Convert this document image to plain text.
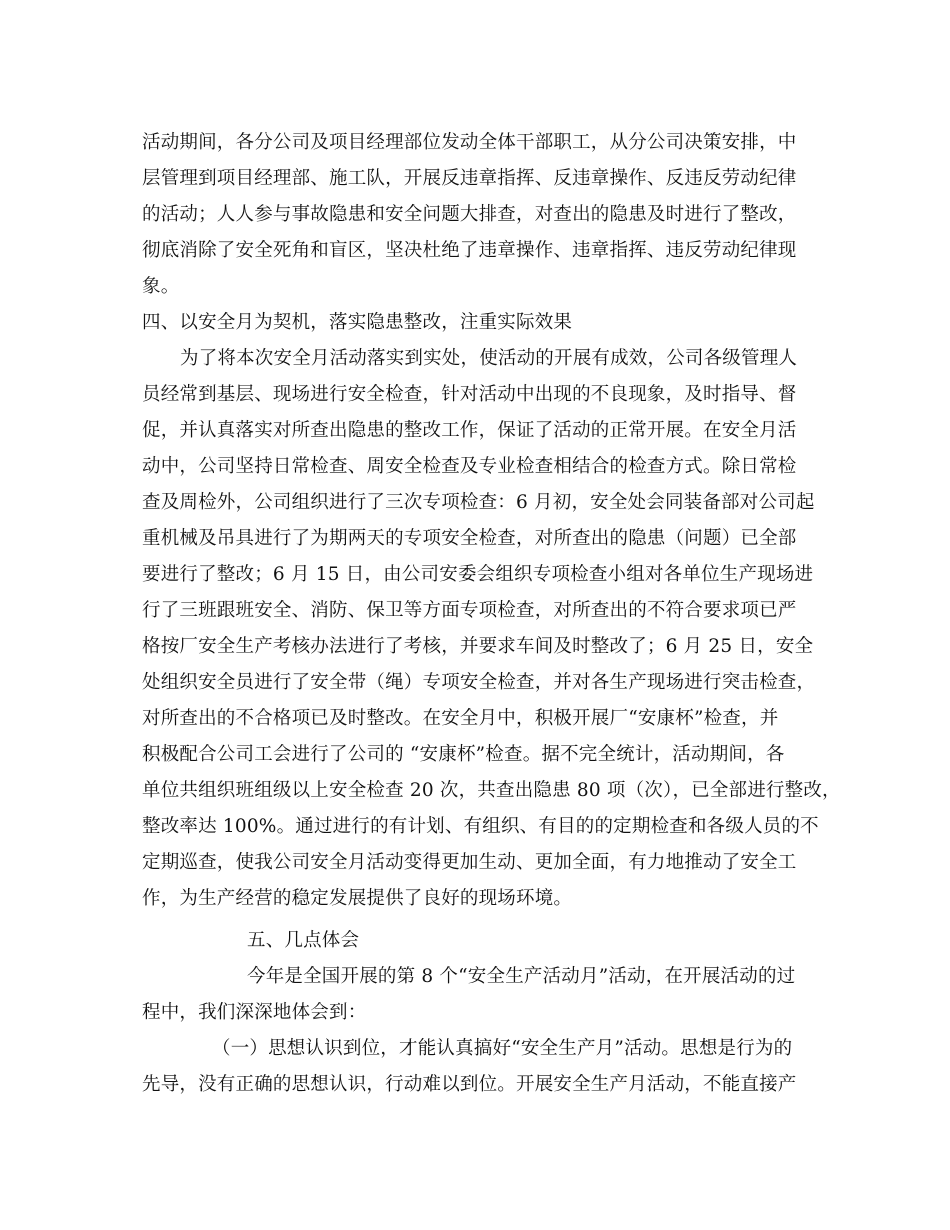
活动期间，各分公司及项目经理部位发动全体干部职工，从分公司决策安排，中
层管理到项目经理部、施工队，开展反违章指挥、反违章操作、反违反劳动纪律
的活动；人人参与事故隐患和安全问题大排查，对查出的隐患及时进行了整改，
彻底消除了安全死角和盲区，坚决杜绝了违章操作、违章指挥、违反劳动纪律现
象。
四、以安全月为契机，落实隐患整改，注重实际效果
为了将本次安全月活动落实到实处，使活动的开展有成效，公司各级管理人
员经常到基层、现场进行安全检查，针对活动中出现的不良现象，及时指导、督
促，并认真落实对所查出隐患的整改工作，保证了活动的正常开展。在安全月活
动中，公司坚持日常检查、周安全检查及专业检查相结合的检查方式。除日常检
查及周检外，公司组织进行了三次专项检查：6 月初，安全处会同装备部对公司起
重机械及吊具进行了为期两天的专项安全检查，对所查出的隐患（问题）已全部
要进行了整改；6 月 15 日，由公司安委会组织专项检查小组对各单位生产现场进
行了三班跟班安全、消防、保卫等方面专项检查，对所查出的不符合要求项已严
格按厂安全生产考核办法进行了考核，并要求车间及时整改了；6 月 25 日，安全
处组织安全员进行了安全带（绳）专项安全检查，并对各生产现场进行突击检查，
对所查出的不合格项已及时整改。在安全月中，积极开展厂“安康杯”检查，并
积极配合公司工会进行了公司的 “安康杯”检查。据不完全统计，活动期间，各
单位共组织班组级以上安全检查 20 次，共查出隐患 80 项（次），已全部进行整改，
整改率达 100%。通过进行的有计划、有组织、有目的的定期检查和各级人员的不
定期巡查，使我公司安全月活动变得更加生动、更加全面，有力地推动了安全工
作，为生产经营的稳定发展提供了良好的现场环境。
五、几点体会
今年是全国开展的第 8 个“安全生产活动月”活动，在开展活动的过
程中，我们深深地体会到：
（一）思想认识到位，才能认真搞好“安全生产月”活动。思想是行为的
先导，没有正确的思想认识，行动难以到位。开展安全生产月活动，不能直接产
